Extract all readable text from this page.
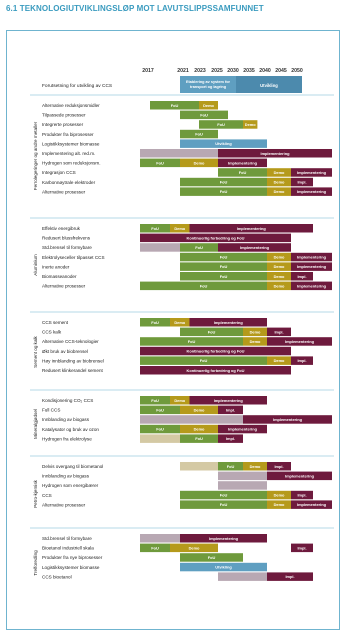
6.1 TEKNOLOGIUTVIKLINGSLØP MOT LAVUTSLIPPSSAMFUNNET
2017	2021 2023 2025 2030 2035 2040 2045 2050
Forutsetning for utvikling av CCS
Etablering av system for transport og lagring	Utvikling
Ferrolegeringer og andre metaller
Alternative reduksjonsmidler	FoU	Demo
Tilpassede prosesser	FoU
Integrerte prosesser	FoU	Demo
Produkter fra biprosesser	FoU
Logistikksystemer biomasse	Utvikling
Implementering alt. red.m.	Implementering
Hydrogen som reduksjonsm.	FoU	Demo	Implementering
Integrasjon CCS	FoU	Demo	Implementering
Karbonnøytrale elektroder	FoU	Demo	Impl.
Alternative prosesser	FoU	Demo	Implementering
Aluminium
Effektiv energibruk	FoU	Demo	Implementering
Redusert blussfrekvens	Kontinuerlig forbedring og FoU
Std.brensel til formybare	FoU	Implementering
Elektrolyseceller tilpasset CCS	FoU	Demo	Implementering
Inerte anoder	FoU	Demo	Implementering
Biomasseanoder	FoU	Demo	Impl.
Alternative prosesser	FoU	Demo	Implementering
Sement og kalk
CCS sement	FoU	Demo	Implementering
CCS kalk	FoU	Demo	Impl.
Alternative CCS-teknologier	FoU	Demo	Implementering
Økt bruk av biobrensel	Kontinuerlig forbedring og FoU
Høy innblanding av biobrensel	FoU	Demo	Impl.
Redusert klinkerandel sement	Kontinuerlig forbedring og FoU
Mineralgjødsel
Kondisjonering CO₂ CCS	FoU	Demo	Implementering
Full CCS	FoU	Demo	Impl.
Innblanding av biogass	Implementering
Katalysator og bruk av ozon	FoU	Demo	Implementering
Hydrogen fra elektrolyse	FoU	Impl.
Petro-kjemisk
Delvis overgang til biometanol	FoU	Demo	Impl.
Innblanding av biogass	Implementering
Hydrogen som energibærer
CCS	FoU	Demo	Impl.
Alternative prosesser	FoU	Demo	Implementering
Trelforedling
Std.brensel til formybare	Implementering
Bioetanol industriell skala	FoU	Demo	Impl.
Produkter fra nye biprosesser	FoU
Logistikksystemer biomasse	Utvikling
CCS bioetanol	Impl.
